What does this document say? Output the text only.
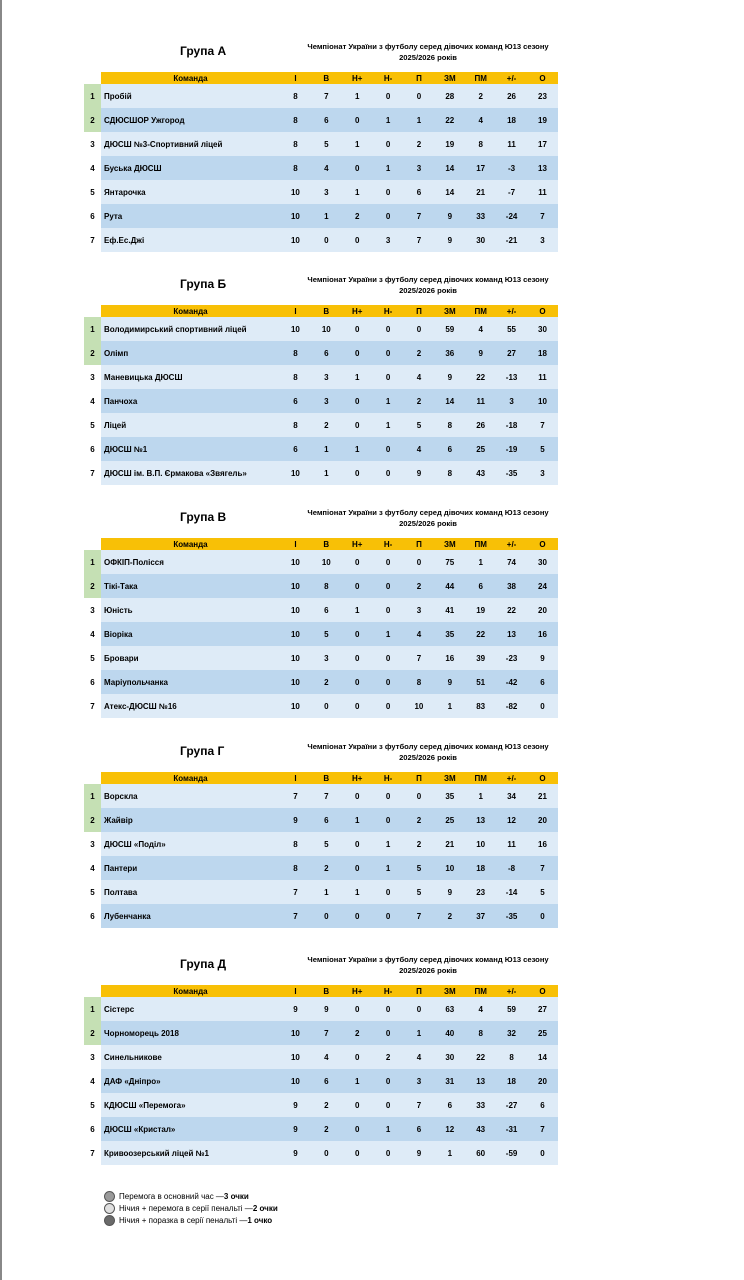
Група А	Чемпіонат України з футболу серед дівочих команд Ю13 сезону 2025/2026 років
	Команда	І	В	Н+	Н-	П	ЗМ	ПМ	+/-	О
1	Пробій	8	7	1	0	0	28	2	26	23
2	СДЮСШОР Ужгород	8	6	0	1	1	22	4	18	19
3	ДЮСШ №3-Спортивний ліцей	8	5	1	0	2	19	8	11	17
4	Буська ДЮСШ	8	4	0	1	3	14	17	-3	13
5	Янтарочка	10	3	1	0	6	14	21	-7	11
6	Рута	10	1	2	0	7	9	33	-24	7
7	Еф.Ес.Джі	10	0	0	3	7	9	30	-21	3
Група Б	Чемпіонат України з футболу серед дівочих команд Ю13 сезону 2025/2026 років
	Команда	І	В	Н+	Н-	П	ЗМ	ПМ	+/-	О
1	Володимирський спортивний ліцей	10	10	0	0	0	59	4	55	30
2	Олімп	8	6	0	0	2	36	9	27	18
3	Маневицька ДЮСШ	8	3	1	0	4	9	22	-13	11
4	Панчоха	6	3	0	1	2	14	11	3	10
5	Ліцей	8	2	0	1	5	8	26	-18	7
6	ДЮСШ №1	6	1	1	0	4	6	25	-19	5
7	ДЮСШ ім. В.П. Єрмакова «Звягель»	10	1	0	0	9	8	43	-35	3
Група В	Чемпіонат України з футболу серед дівочих команд Ю13 сезону 2025/2026 років
	Команда	І	В	Н+	Н-	П	ЗМ	ПМ	+/-	О
1	ОФКІП-Полісся	10	10	0	0	0	75	1	74	30
2	Тікі-Така	10	8	0	0	2	44	6	38	24
3	Юність	10	6	1	0	3	41	19	22	20
4	Віоріка	10	5	0	1	4	35	22	13	16
5	Бровари	10	3	0	0	7	16	39	-23	9
6	Маріупольчанка	10	2	0	0	8	9	51	-42	6
7	Атекс-ДЮСШ №16	10	0	0	0	10	1	83	-82	0
Група Г	Чемпіонат України з футболу серед дівочих команд Ю13 сезону 2025/2026 років
	Команда	І	В	Н+	Н-	П	ЗМ	ПМ	+/-	О
1	Ворскла	7	7	0	0	0	35	1	34	21
2	Жайвір	9	6	1	0	2	25	13	12	20
3	ДЮСШ «Поділ»	8	5	0	1	2	21	10	11	16
4	Пантери	8	2	0	1	5	10	18	-8	7
5	Полтава	7	1	1	0	5	9	23	-14	5
6	Лубенчанка	7	0	0	0	7	2	37	-35	0
Група Д	Чемпіонат України з футболу серед дівочих команд Ю13 сезону 2025/2026 років
	Команда	І	В	Н+	Н-	П	ЗМ	ПМ	+/-	О
1	Сістерс	9	9	0	0	0	63	4	59	27
2	Чорноморець 2018	10	7	2	0	1	40	8	32	25
3	Синельникове	10	4	0	2	4	30	22	8	14
4	ДАФ «Дніпро»	10	6	1	0	3	31	13	18	20
5	КДЮСШ «Перемога»	9	2	0	0	7	6	33	-27	6
6	ДЮСШ «Кристал»	9	2	0	1	6	12	43	-31	7
7	Кривоозерський ліцей №1	9	0	0	0	9	1	60	-59	0
Перемога в основний час — 3 очки
Нічия + перемога в серії пенальті — 2 очки
Нічия + поразка в серії пенальті — 1 очко
